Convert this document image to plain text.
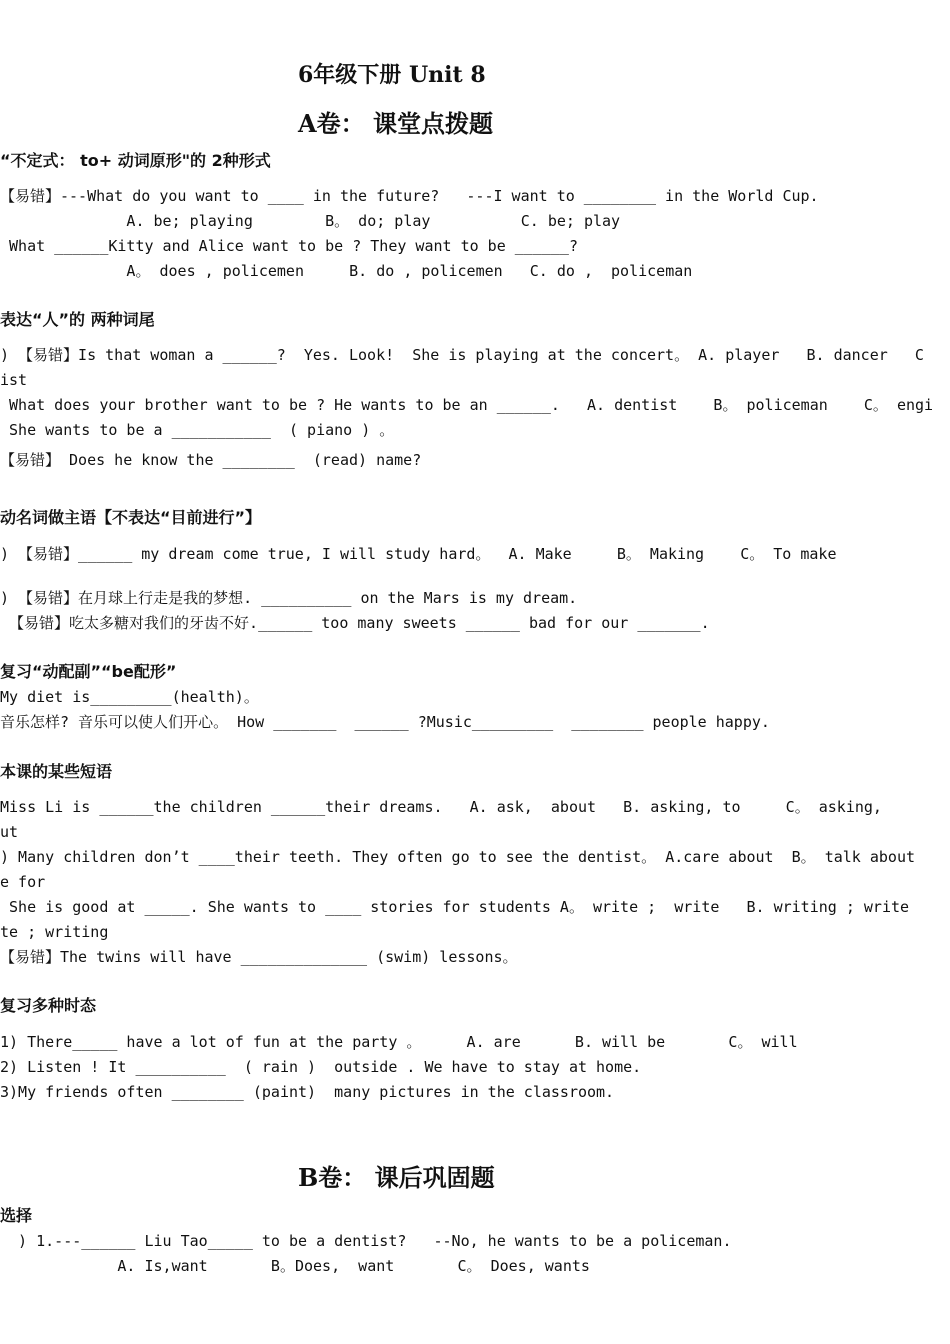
6年级下册 Unit 8
A卷： 课堂点拨题
“不定式： to+ 动词原形"的 2种形式
【易错】---What do you want to ____ in the future?   ---I want to ________ in the World Cup.
A. be; playing        B。 do; play          C. be; play
What ______Kitty and Alice want to be ? They want to be ______?
A。 does , policemen     B. do , policemen   C. do ,  policeman
表达“人”的 两种词尾
) 【易错】Is that woman a ______?  Yes. Look!  She is playing at the concert。 A. player   B. dancer   C
ist
What does your brother want to be ? He wants to be an ______.   A. dentist    B。 policeman    C。 engi
She wants to be a ___________  ( piano ) 。
【易错】 Does he know the ________  (read) name?
动名词做主语【不表达“目前进行”】
) 【易错】______ my dream come true, I will study hard。  A. Make     B。 Making    C。 To make
) 【易错】在月球上行走是我的梦想. __________ on the Mars is my dream.
【易错】吃太多糖对我们的牙齿不好.______ too many sweets ______ bad for our _______.
复习“动配副”“be配形”
My diet is_________(health)。
音乐怎样? 音乐可以使人们开心。 How _______  ______ ?Music_________  ________ people happy.
本课的某些短语
Miss Li is ______the children ______their dreams.   A. ask,  about   B. asking, to     C。 asking,
ut
) Many children don’t ____their teeth. They often go to see the dentist。 A.care about  B。 talk about
e for
She is good at _____. She wants to ____ stories for students A。 write ;  write   B. writing ; write
te ; writing
【易错】The twins will have ______________ (swim) lessons。
复习多种时态
1) There_____ have a lot of fun at the party 。     A. are      B. will be       C。 will
2) Listen ! It __________  ( rain )  outside . We have to stay at home.
3)My friends often ________ (paint)  many pictures in the classroom.
B卷： 课后巩固题
选择
) 1.---______ Liu Tao_____ to be a dentist?   --No, he wants to be a policeman.
A. Is,want       B。Does,  want       C。 Does, wants
